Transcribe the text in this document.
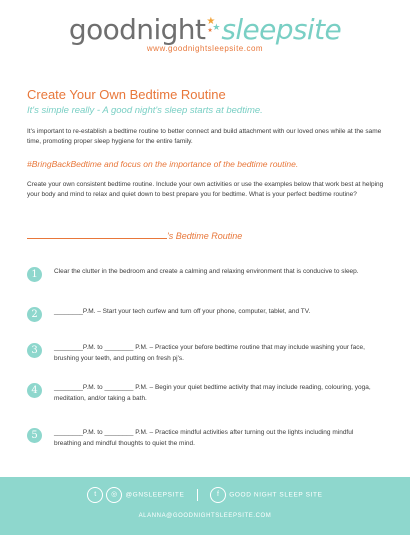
goodnight ★
★
★ sleepsite
www.goodnightsleepsite.com
Create Your Own Bedtime Routine
It's simple really - A good night's sleep starts at bedtime.
It's important to re-establish a bedtime routine to better connect and build attachment with our loved ones while at the same time, promoting proper sleep hygiene for the entire family.
#BringBackBedtime and focus on the importance of the bedtime routine.
Create your own consistent bedtime routine. Include your own activities or use the examples below that work best at helping your body and mind to relax and quiet down to best prepare you for bedtime. What is your perfect bedtime routine?
's Bedtime Routine
1	Clear the clutter in the bedroom and create a calming and relaxing environment that is conducive to sleep.
2	________P.M. – Start your tech curfew and turn off your phone, computer, tablet, and TV.
3	________P.M. to ________ P.M. – Practice your before bedtime routine that may include washing your face, brushing your teeth, and putting on fresh pj's.
4	________P.M. to ________ P.M. – Begin your quiet bedtime activity that may include reading, colouring, yoga, meditation, and/or taking a bath.
5	________P.M. to ________ P.M. – Practice mindful activities after turning out the lights including mindful breathing and mindful thoughts to quiet the mind.
t ◎ @GNSLEEPSITE	f GOOD NIGHT SLEEP SITE
ALANNA@GOODNIGHTSLEEPSITE.COM
